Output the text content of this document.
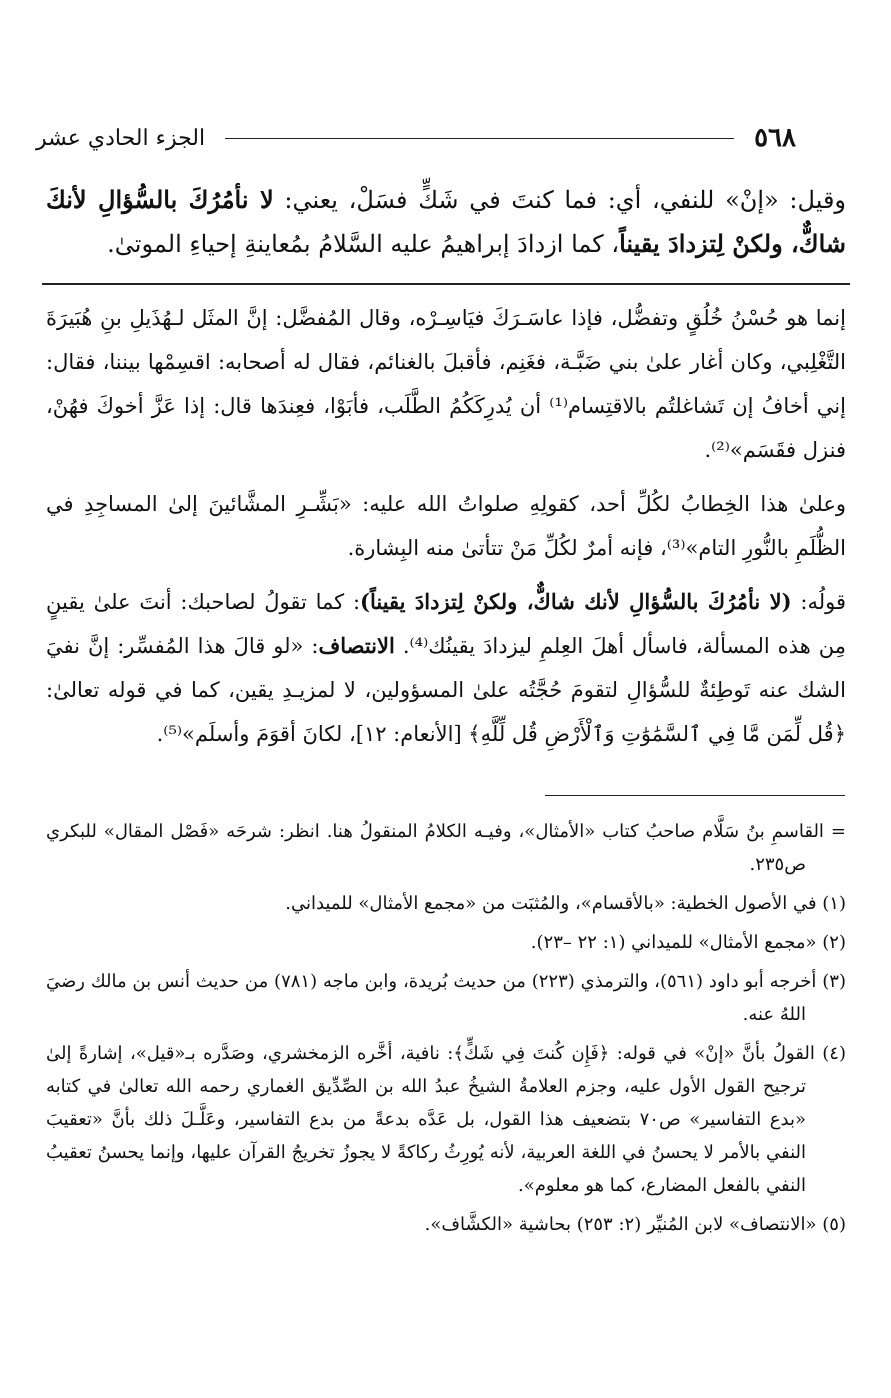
٥٦٨
الجزء الحادي عشر
وقيل: «إنْ» للنفي، أي: فما كنتَ في شَكٍّ فسَلْ، يعني: لا نأمُرُكَ بالسُّؤالِ لأنكَ شاكٌّ، ولكنْ لِتزدادَ يقيناً، كما ازدادَ إبراهيمُ عليه السَّلامُ بمُعاينةِ إحياءِ الموتىٰ.

إنما هو حُسْنُ خُلُقٍ وتفضُّل، فإذا عاسَـرَكَ فيَاسِـرْه، وقال المُفضَّل: إنَّ المثَل لـهُذَيلِ بنِ هُبَيرَةَ التَّغْلِبي، وكان أغار علىٰ بني ضَبَّـة، فغَنِم، فأقبلَ بالغنائم، فقال له أصحابه: اقسِمْها بيننا، فقال: إني أخافُ إن تَشاغلتُم بالاقتِسام⁽¹⁾ أن يُدرِكَكُمُ الطَّلَب، فأبَوْا، فعِندَها قال: إذا عَزَّ أخوكَ فهُنْ، فنزل فقَسَم»⁽²⁾.

وعلىٰ هذا الخِطابُ لكُلِّ أحد، كقولِهِ صلواتُ الله عليه: «بَشِّـرِ المشَّائينَ إلىٰ المساجِدِ في الظُّلَمِ بالنُّورِ التام»⁽³⁾، فإنه أمرٌ لكُلِّ مَنْ تتأتىٰ منه البِشارة.

قولُه: (لا نأمُرُكَ بالسُّؤالِ لأنك شاكٌّ، ولكنْ لِتزدادَ يقيناً): كما تقولُ لصاحبك: أنتَ علىٰ يقينٍ مِن هذه المسألة، فاسأل أهلَ العِلمِ ليزدادَ يقينُك⁽⁴⁾. الانتصاف: «لو قالَ هذا المُفسِّر: إنَّ نفيَ الشك عنه تَوطِئةٌ للسُّؤالِ لتقومَ حُجَّتُه علىٰ المسؤولين، لا لمزيـدِ يقين، كما في قوله تعالىٰ: ﴿قُل لِّمَن مَّا فِي ٱلسَّمَٰوَٰتِ وَٱلْأَرْضِ قُل لِّلَّهِ﴾ [الأنعام: ١٢]، لكانَ أقوَمَ وأسلَم»⁽⁵⁾.

= القاسمِ بنُ سَلَّام صاحبُ كتاب «الأمثال»، وفيـه الكلامُ المنقولُ هنا. انظر: شرحَه «فَصْل المقال» للبكري ص٢٣٥.

(١) في الأصول الخطية: «بالأقسام»، والمُثبَت من «مجمع الأمثال» للميداني.

(٢) «مجمع الأمثال» للميداني (١: ٢٢ –٢٣).

(٣) أخرجه أبو داود (٥٦١)، والترمذي (٢٢٣) من حديث بُريدة، وابن ماجه (٧٨١) من حديث أنس بن مالك رضيَ اللهُ عنه.

(٤) القولُ بأنَّ «إنْ» في قوله: ﴿فَإِن كُنتَ فِي شَكٍّ﴾: نافية، أخَّره الزمخشري، وصَدَّره بـ«قيل»، إشارةً إلىٰ ترجيح القول الأول عليه، وجزم العلامةُ الشيخُ عبدُ الله بن الصِّدِّيق الغماري رحمه الله تعالىٰ في كتابه «بدع التفاسير» ص٧٠ بتضعيف هذا القول، بل عَدَّه بدعةً من بدع التفاسير، وعَلَّـلَ ذلك بأنَّ «تعقيبَ النفي بالأمر لا يحسنُ في اللغة العربية، لأنه يُورِثُ ركاكةً لا يجوزُ تخريجُ القرآن عليها، وإنما يحسنُ تعقيبُ النفي بالفعل المضارع، كما هو معلوم».

(٥) «الانتصاف» لابن المُنيِّر (٢: ٢٥٣) بحاشية «الكشَّاف».
